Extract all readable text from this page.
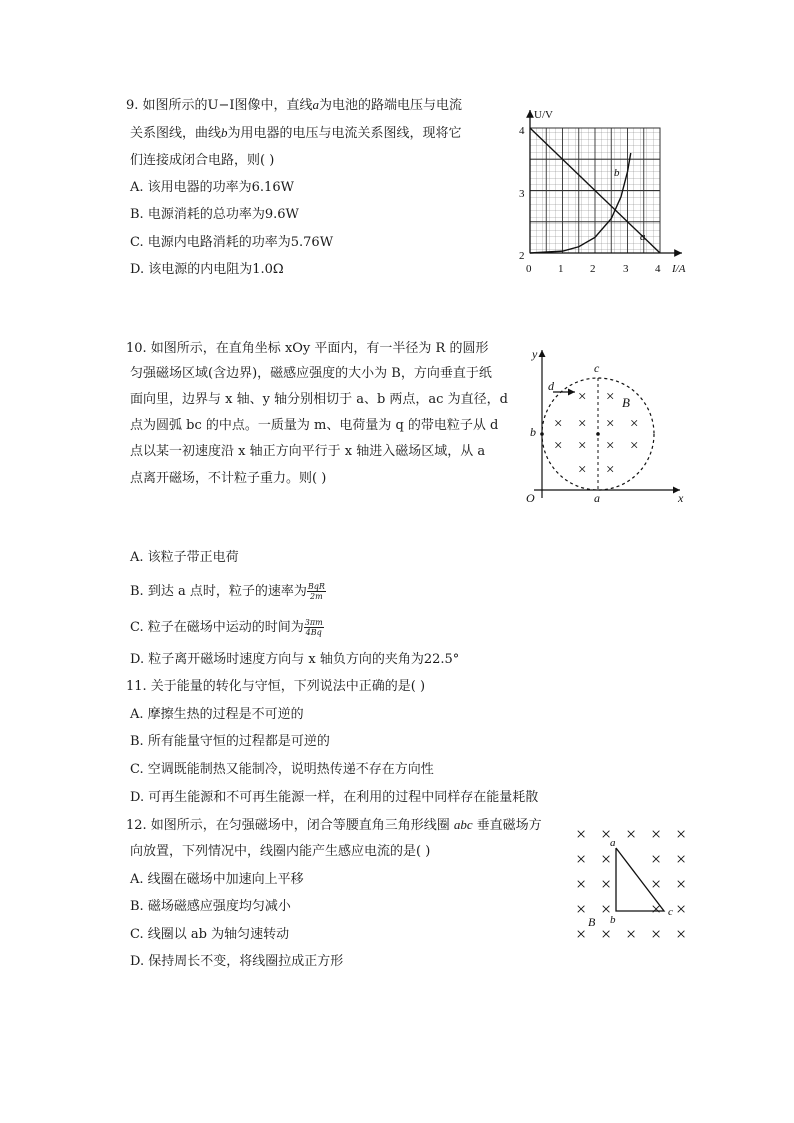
9. 如图所示的U−I图像中，直线a为电池的路端电压与电流
关系图线，曲线b为用电器的电压与电流关系图线，现将它
们连接成闭合电路，则( )
A. 该用电器的功率为6.16W
B. 电源消耗的总功率为9.6W
C. 电源内电路消耗的功率为5.76W
D. 该电源的内电阻为1.0Ω
U/V
I/A
0 1 2	3 4
2
3
4
a
b
10. 如图所示，在直角坐标 xOy 平面内，有一半径为 R 的圆形
匀强磁场区域(含边界)，磁感应强度的大小为 B，方向垂直于纸
面向里，边界与 x 轴、y 轴分别相切于 a、b 两点，ac 为直径，d
点为圆弧 bc 的中点。一质量为 m、电荷量为 q 的带电粒子从 d
点以某一初速度沿 x 轴正方向平行于 x 轴进入磁场区域，从 a
点离开磁场，不计粒子重力。则( )
y
x
O	a
b
c
d
B
×
× × × ×
× × × ×
× ×
×
A. 该粒子带正电荷
B. 到达 a 点时，粒子的速率为 $\frac{\text{BqR}}{2m}$
C. 粒子在磁场中运动的时间为 $\frac{3\pi m}{4Bq}$
D. 粒子离开磁场时速度方向与 x 轴负方向的夹角为22.5°
11. 关于能量的转化与守恒，下列说法中正确的是( )
A. 摩擦生热的过程是不可逆的
B. 所有能量守恒的过程都是可逆的
C. 空调既能制热又能制冷，说明热传递不存在方向性
D. 可再生能源和不可再生能源一样，在利用的过程中同样存在能量耗散
12. 如图所示，在匀强磁场中，闭合等腰直角三角形线圈 abc 垂直磁场方
向放置，下列情况中，线圈内能产生感应电流的是( )
A. 线圈在磁场中加速向上平移
B. 磁场磁感应强度均匀减小
C. 线圈以 ab 为轴匀速转动
D. 保持周长不变，将线圈拉成正方形
× × × × ×
× × × ×
× × × ×
× × × ×
× × × × ×
a
b
c
B
